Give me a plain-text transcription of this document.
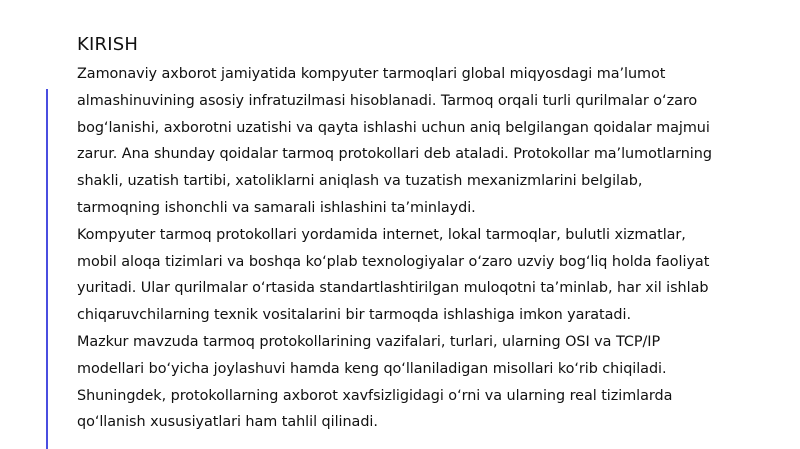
KIRISH

Zamonaviy axborot jamiyatida kompyuter tarmoqlari global miqyosdagi ma’lumot
almashinuvining asosiy infratuzilmasi hisoblanadi. Tarmoq orqali turli qurilmalar o‘zaro
bog‘lanishi, axborotni uzatishi va qayta ishlashi uchun aniq belgilangan qoidalar majmui
zarur. Ana shunday qoidalar tarmoq protokollari deb ataladi. Protokollar ma’lumotlarning
shakli, uzatish tartibi, xatoliklarni aniqlash va tuzatish mexanizmlarini belgilab,
tarmoqning ishonchli va samarali ishlashini ta’minlaydi.

Kompyuter tarmoq protokollari yordamida internet, lokal tarmoqlar, bulutli xizmatlar,
mobil aloqa tizimlari va boshqa ko‘plab texnologiyalar o‘zaro uzviy bog‘liq holda faoliyat
yuritadi. Ular qurilmalar o‘rtasida standartlashtirilgan muloqotni ta’minlab, har xil ishlab
chiqaruvchilarning texnik vositalarini bir tarmoqda ishlashiga imkon yaratadi.

Mazkur mavzuda tarmoq protokollarining vazifalari, turlari, ularning OSI va TCP/IP
modellari bo‘yicha joylashuvi hamda keng qo‘llaniladigan misollari ko‘rib chiqiladi.
Shuningdek, protokollarning axborot xavfsizligidagi o‘rni va ularning real tizimlarda
qo‘llanish xususiyatlari ham tahlil qilinadi.
